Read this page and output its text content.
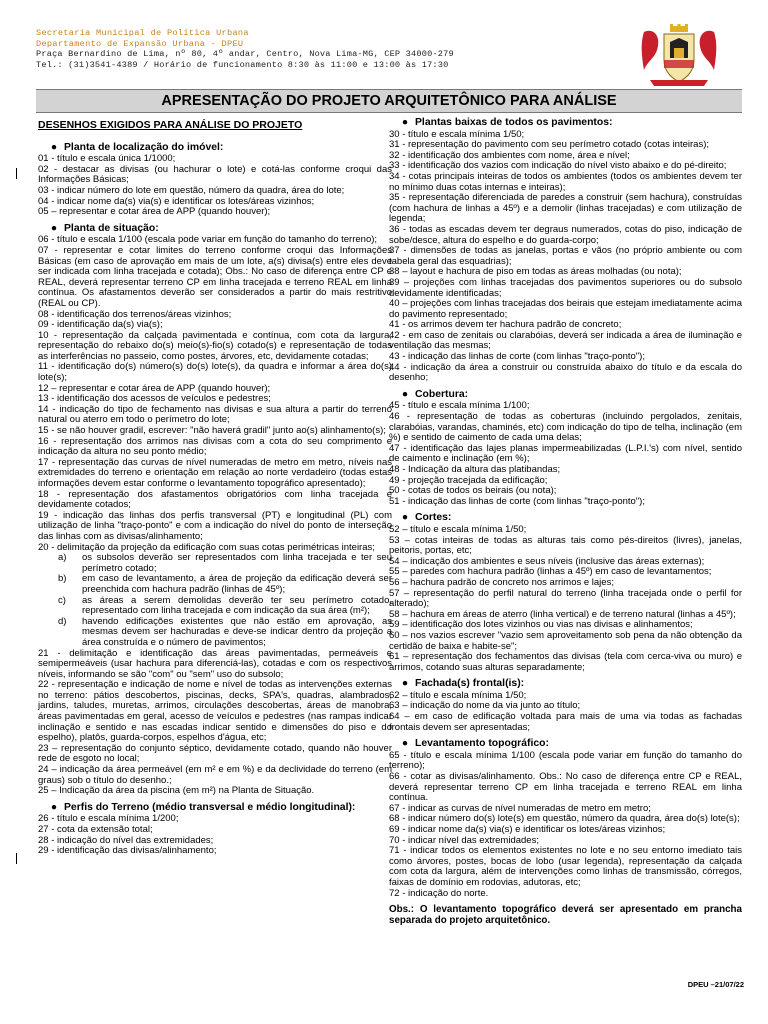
Secretaria Municipal de Política Urbana
Departamento de Expansão Urbana - DPEU
Praça Bernardino de Lima, nº 80, 4º andar, Centro, Nova Lima-MG, CEP 34000-279
Tel.: (31)3541-4389 / Horário de funcionamento 8:30 às 11:00 e 13:00 às 17:30
APRESENTAÇÃO DO PROJETO ARQUITETÔNICO PARA ANÁLISE

DESENHOS EXIGIDOS PARA ANÁLISE DO PROJETO

● Planta de localização do imóvel:

01 - título e escala única 1/1000;

02 - destacar as divisas (ou hachurar o lote) e cotá-las conforme croqui das Informações Básicas;

03 - indicar número do lote em questão, número da quadra, área do lote;

04 - indicar nome da(s) via(s) e identificar os lotes/áreas vizinhos;

05 – representar e cotar área de APP (quando houver);

● Planta de situação:

06 - título e escala 1/100 (escala pode variar em função do tamanho do terreno);

07 - representar e cotar limites do terreno conforme croqui das Informações Básicas (em caso de aprovação em mais de um lote, a(s) divisa(s) entre eles deve ser indicada com linha tracejada e cotada); Obs.: No caso de diferença entre CP e REAL, deverá representar terreno CP em linha tracejada e terreno REAL em linha contínua. Os afastamentos deverão ser considerados a partir do mais restritivo (REAL ou CP).

08 - identificação dos terrenos/áreas vizinhos;

09 - identificação da(s) via(s);

10 - representação da calçada pavimentada e contínua, com cota da largura, representação do rebaixo do(s) meio(s)-fio(s) cotado(s) e representação de todas as interferências no passeio, como postes, árvores, etc, devidamente cotadas;

11 - identificação do(s) número(s) do(s) lote(s), da quadra e informar a área do(s) lote(s);

12 – representar e cotar área de APP (quando houver);

13 - identificação dos acessos de veículos e pedestres;

14 - indicação do tipo de fechamento nas divisas e sua altura a partir do terreno natural ou aterro em todo o perímetro do lote;

15 - se não houver gradil, escrever: "não haverá gradil" junto ao(s) alinhamento(s);

16 - representação dos arrimos nas divisas com a cota do seu comprimento e indicação da altura no seu ponto médio;

17 - representação das curvas de nível numeradas de metro em metro, níveis nas extremidades do terreno e orientação em relação ao norte verdadeiro (todas estas informações devem estar conforme o levantamento topográfico apresentado);

18 - representação dos afastamentos obrigatórios com linha tracejada e devidamente cotados;

19 - indicação das linhas dos perfis transversal (PT) e longitudinal (PL) com utilização de linha "traço-ponto" e com a indicação do nível do ponto de interseção das linhas com as divisas/alinhamento;

20 - delimitação da projeção da edificação com suas cotas perimétricas inteiras;

a)	os subsolos deverão ser representados com linha tracejada e ter seu perímetro cotado;

b)	em caso de levantamento, a área de projeção da edificação deverá ser preenchida com hachura padrão (linhas de 45º);

c)	as áreas a serem demolidas deverão ter seu perímetro cotado, representado com linha tracejada e com indicação da sua área (m²);

d)	havendo edificações existentes que não estão em aprovação, as mesmas devem ser hachuradas e deve-se indicar dentro da projeção a área construída e o número de pavimentos;

21 - delimitação e identificação das áreas pavimentadas, permeáveis e semipermeáveis (usar hachura para diferenciá-las), cotadas e com os respectivos níveis, informando se são "com" ou "sem" uso do subsolo;

22 - representação e indicação de nome e nível de todas as intervenções externas no terreno: pátios descobertos, piscinas, decks, SPA's, quadras, alambrados, jardins, taludes, muretas, arrimos, circulações descobertas, áreas de manobra, áreas pavimentadas em geral, acesso de veículos e pedestres (nas rampas indicar inclinação e sentido e nas escadas indicar sentido e dimensões do piso e do espelho), platôs, guarda-corpos, espelhos d'água, etc;

23 – representação do conjunto séptico, devidamente cotado, quando não houver rede de esgoto no local;

24 – indicação da área permeável (em m² e em %) e da declividade do terreno (em graus) sob o título do desenho.;

25 – Indicação da área da piscina (em m²) na Planta de Situação.

● Perfis do Terreno (médio transversal e médio longitudinal):

26 - título e escala mínima 1/200;

27 - cota da extensão total;

28 - indicação do nível das extremidades;

29 - identificação das divisas/alinhamento;

● Plantas baixas de todos os pavimentos:

30 - título e escala mínima 1/50;

31 - representação do pavimento com seu perímetro cotado (cotas inteiras);

32 - identificação dos ambientes com nome, área e nível;

33 - identificação dos vazios com indicação do nível visto abaixo e do pé-direito;

34 - cotas principais inteiras de todos os ambientes (todos os ambientes devem ter no mínimo duas cotas internas e inteiras);

35 - representação diferenciada de paredes a construir (sem hachura), construídas (com hachura de linhas a 45º) e a demolir (linhas tracejadas) e com utilização de legenda;

36 - todas as escadas devem ter degraus numerados, cotas do piso, indicação de sobe/desce, altura do espelho e do guarda-corpo;

37 - dimensões de todas as janelas, portas e vãos (no próprio ambiente ou com tabela geral das esquadrias);

38 – layout e hachura de piso em todas as áreas molhadas (ou nota);

39 – projeções com linhas tracejadas dos pavimentos superiores ou do subsolo devidamente identificadas;

40 – projeções com linhas tracejadas dos beirais que estejam imediatamente acima do pavimento representado;

41 - os arrimos devem ter hachura padrão de concreto;

42 - em caso de zenitais ou clarabóias, deverá ser indicada a área de iluminação e ventilação das mesmas;

43 - indicação das linhas de corte (com linhas "traço-ponto");

44 - indicação da área a construir ou construída abaixo do título e da escala do desenho;

● Cobertura:

45 - título e escala mínima 1/100;

46 - representação de todas as coberturas (incluindo pergolados, zenitais, clarabóias, varandas, chaminés, etc) com indicação do tipo de telha, inclinação (em %) e sentido de caimento de cada uma delas;

47 - identificação das lajes planas impermeabilizadas (L.P.I.'s) com nível, sentido de caimento e inclinação (em %);

48 - Indicação da altura das platibandas;

49 - projeção tracejada da edificação;

50 - cotas de todos os beirais (ou nota);

51 - indicação das linhas de corte (com linhas "traço-ponto");

● Cortes:

52 – título e escala mínima 1/50;

53 – cotas inteiras de todas as alturas tais como pés-direitos (livres), janelas, peitoris, portas, etc;

54 – indicação dos ambientes e seus níveis (inclusive das áreas externas);

55 – paredes com hachura padrão (linhas a 45º) em caso de levantamentos;

56 – hachura padrão de concreto nos arrimos e lajes;

57 – representação do perfil natural do terreno (linha tracejada onde o perfil for alterado);

58 – hachura em áreas de aterro (linha vertical) e de terreno natural (linhas a 45º);

59 – identificação dos lotes vizinhos ou vias nas divisas e alinhamentos;

60 – nos vazios escrever "vazio sem aproveitamento sob pena da não obtenção da certidão de baixa e habite-se";

61 – representação dos fechamentos das divisas (tela com cerca-viva ou muro) e arrimos, cotando suas alturas separadamente;

● Fachada(s) frontal(is):

62 – título e escala mínima 1/50;

63 – indicação do nome da via junto ao título;

64 – em caso de edificação voltada para mais de uma via todas as fachadas frontais devem ser apresentadas;

● Levantamento topográfico:

65 - título e escala mínima 1/100 (escala pode variar em função do tamanho do terreno);

66 - cotar as divisas/alinhamento. Obs.: No caso de diferença entre CP e REAL, deverá representar terreno CP em linha tracejada e terreno REAL em linha contínua.

67 - indicar as curvas de nível numeradas de metro em metro;

68 - indicar número do(s) lote(s) em questão, número da quadra, área do(s) lote(s);

69 - indicar nome da(s) via(s) e identificar os lotes/áreas vizinhos;

70 - indicar nível das extremidades;

71 - indicar todos os elementos existentes no lote e no seu entorno imediato tais como árvores, postes, bocas de lobo (usar legenda), representação da calçada com cota da largura, além de intervenções como linhas de transmissão, córregos, faixas de domínio em rodovias, adutoras, etc;

72 - indicação do norte.

Obs.: O levantamento topográfico deverá ser apresentado em prancha separada do projeto arquitetônico.

DPEU –21/07/22
